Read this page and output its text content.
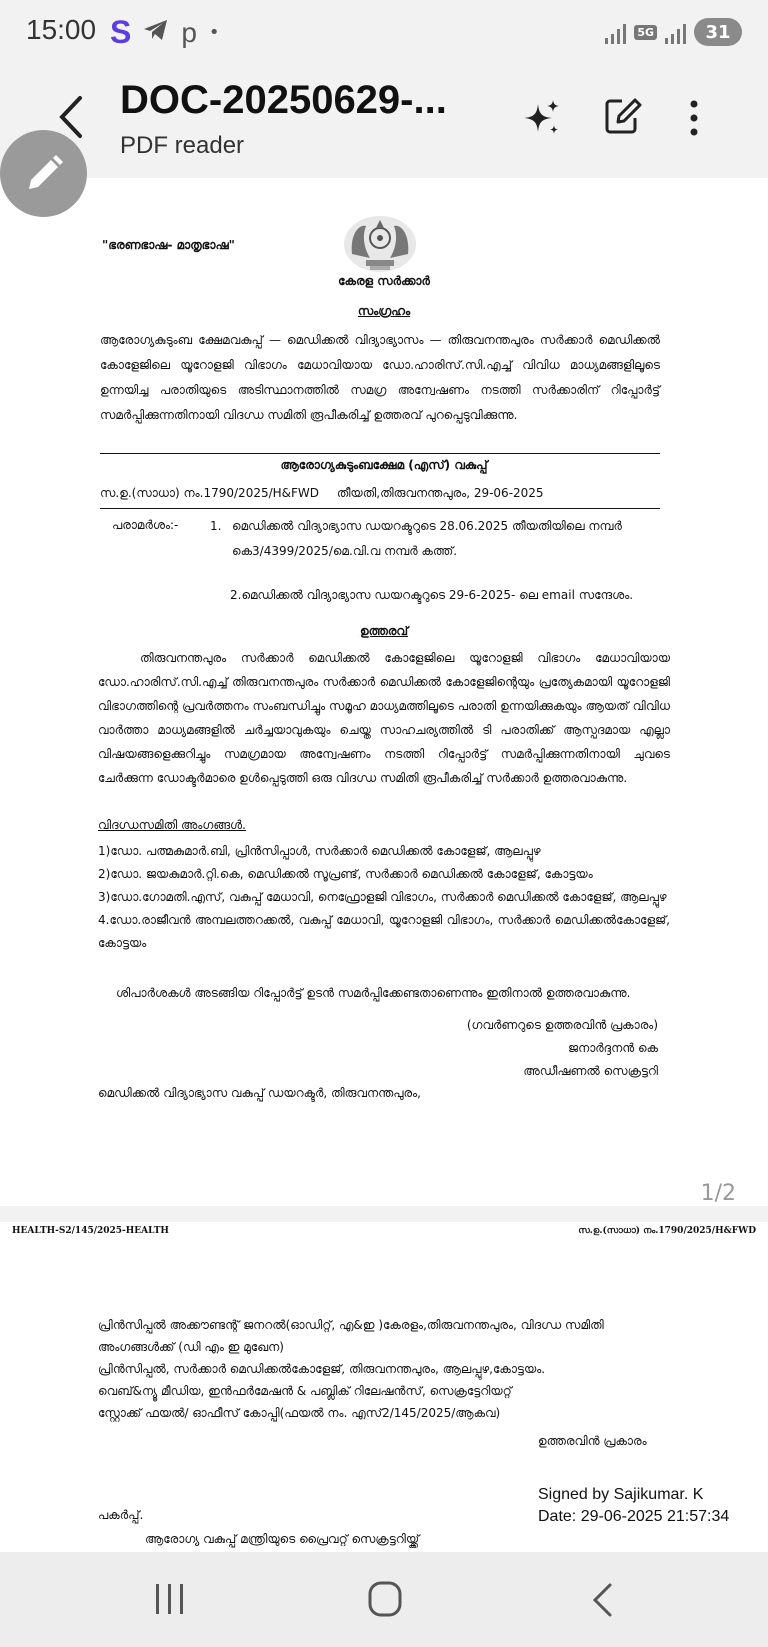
15:00 S p •	5G	31
DOC-20250629-...
PDF reader
"ഭരണഭാഷ- മാതൃഭാഷ"
കേരള സർക്കാർ
സംഗ്രഹം
ആരോഗ്യകുടുംബ ക്ഷേമവകുപ്പ് — മെഡിക്കൽ വിദ്യാഭ്യാസം — തിരുവനന്തപുരം സർക്കാർ മെഡിക്കൽ കോളേജിലെ യൂറോളജി വിഭാഗം മേധാവിയായ ഡോ.ഹാരിസ്.സി.എച്ച് വിവിധ മാധ്യമങ്ങളിലൂടെ ഉന്നയിച്ച പരാതിയുടെ അടിസ്ഥാനത്തിൽ സമഗ്ര അന്വേഷണം നടത്തി സർക്കാരിന് റിപ്പോർട്ട് സമർപ്പിക്കുന്നതിനായി വിദഗ്ധ സമിതി രൂപീകരിച്ച് ഉത്തരവ് പുറപ്പെടുവിക്കുന്നു.
ആരോഗ്യകുടുംബക്ഷേമ (എസ്) വകുപ്പ്
സ.ഉ.(സാധാ) നം.1790/2025/H&FWD തീയതി,തിരുവനന്തപുരം, 29-06-2025
പരാമർശം:-	1. മെഡിക്കൽ വിദ്യാഭ്യാസ ഡയറക്ടറുടെ 28.06.2025 തീയതിയിലെ നമ്പർ കെ3/4399/2025/മെ.വി.വ നമ്പർ കത്ത്.
2.മെഡിക്കൽ വിദ്യാഭ്യാസ ഡയറക്ടറുടെ 29-6-2025- ലെ email സന്ദേശം.
ഉത്തരവ്
തിരുവനന്തപുരം സർക്കാർ മെഡിക്കൽ കോളേജിലെ യൂറോളജി വിഭാഗം മേധാവിയായ ഡോ.ഹാരിസ്.സി.എച്ച് തിരുവനന്തപുരം സർക്കാർ മെഡിക്കൽ കോളേജിന്റെയും പ്രത്യേകമായി യൂറോളജി വിഭാഗത്തിന്റെ പ്രവർത്തനം സംബന്ധിച്ചും സമൂഹ മാധ്യമത്തിലൂടെ പരാതി ഉന്നയിക്കുകയും ആയത് വിവിധ വാർത്താ മാധ്യമങ്ങളിൽ ചർച്ചയാവുകയും ചെയ്ത സാഹചര്യത്തിൽ ടി പരാതിക്ക് ആസ്പദമായ എല്ലാ വിഷയങ്ങളെക്കുറിച്ചും സമഗ്രമായ അന്വേഷണം നടത്തി റിപ്പോർട്ട് സമർപ്പിക്കുന്നതിനായി ചുവടെ ചേർക്കുന്ന ഡോക്ടർമാരെ ഉൾപ്പെടുത്തി ഒരു വിദഗ്ധ സമിതി രൂപീകരിച്ച് സർക്കാർ ഉത്തരവാകുന്നു.
വിദഗ്ധസമിതി അംഗങ്ങൾ.
1)ഡോ. പത്മകുമാർ.ബി, പ്രിൻസിപ്പാൾ, സർക്കാർ മെഡിക്കൽ കോളേജ്, ആലപ്പുഴ
2)ഡോ. ജയകുമാർ.റ്റി.കെ, മെഡിക്കൽ സൂപ്രണ്ട്, സർക്കാർ മെഡിക്കൽ കോളേജ്, കോട്ടയം
3)ഡോ.ഗോമതി.എസ്, വകുപ്പ് മേധാവി, നെഫ്രോളജി വിഭാഗം, സർക്കാർ മെഡിക്കൽ കോളേജ്, ആലപ്പുഴ
4.ഡോ.രാജീവൻ അമ്പലത്തറക്കൽ, വകുപ്പ് മേധാവി, യൂറോളജി വിഭാഗം, സർക്കാർ മെഡിക്കൽകോളേജ്, കോട്ടയം
ശിപാർശകൾ അടങ്ങിയ റിപ്പോർട്ട് ഉടൻ സമർപ്പിക്കേണ്ടതാണെന്നും ഇതിനാൽ ഉത്തരവാകുന്നു.
(ഗവർണറുടെ ഉത്തരവിൻ പ്രകാരം)
ജനാർദ്ദനൻ കെ
അഡീഷണൽ സെക്രട്ടറി
മെഡിക്കൽ വിദ്യാഭ്യാസ വകുപ്പ് ഡയറക്ടർ, തിരുവനന്തപുരം,
1/2
HEALTH-S2/145/2025-HEALTH	സ.ഉ.(സാധാ) നം.1790/2025/H&FWD
പ്രിൻസിപ്പൽ അക്കൗണ്ടന്റ് ജനറൽ(ഓഡിറ്റ്, എ&ഇ )കേരളം,തിരുവനന്തപുരം, വിദഗ്ധ സമിതി
അംഗങ്ങൾക്ക് (ഡി എം ഇ മുഖേന)
പ്രിൻസിപ്പൽ, സർക്കാർ മെഡിക്കൽകോളേജ്, തിരുവനന്തപുരം, ആലപ്പുഴ,കോട്ടയം.
വെബ്&ന്യൂ മീഡിയ, ഇൻഫർമേഷൻ & പബ്ലിക് റിലേഷൻസ്, സെക്രട്ടേറിയറ്റ്
സ്റ്റോക്ക് ഫയൽ/ ഓഫീസ് കോപ്പി(ഫയൽ നം. എസ്2/145/2025/ആകവ)
ഉത്തരവിൻ പ്രകാരം
Signed by Sajikumar. K
Date: 29-06-2025 21:57:34
പകർപ്പ്.
ആരോഗ്യ വകുപ്പ് മന്ത്രിയുടെ പ്രൈവറ്റ് സെക്രട്ടറിയ്ക്ക്
